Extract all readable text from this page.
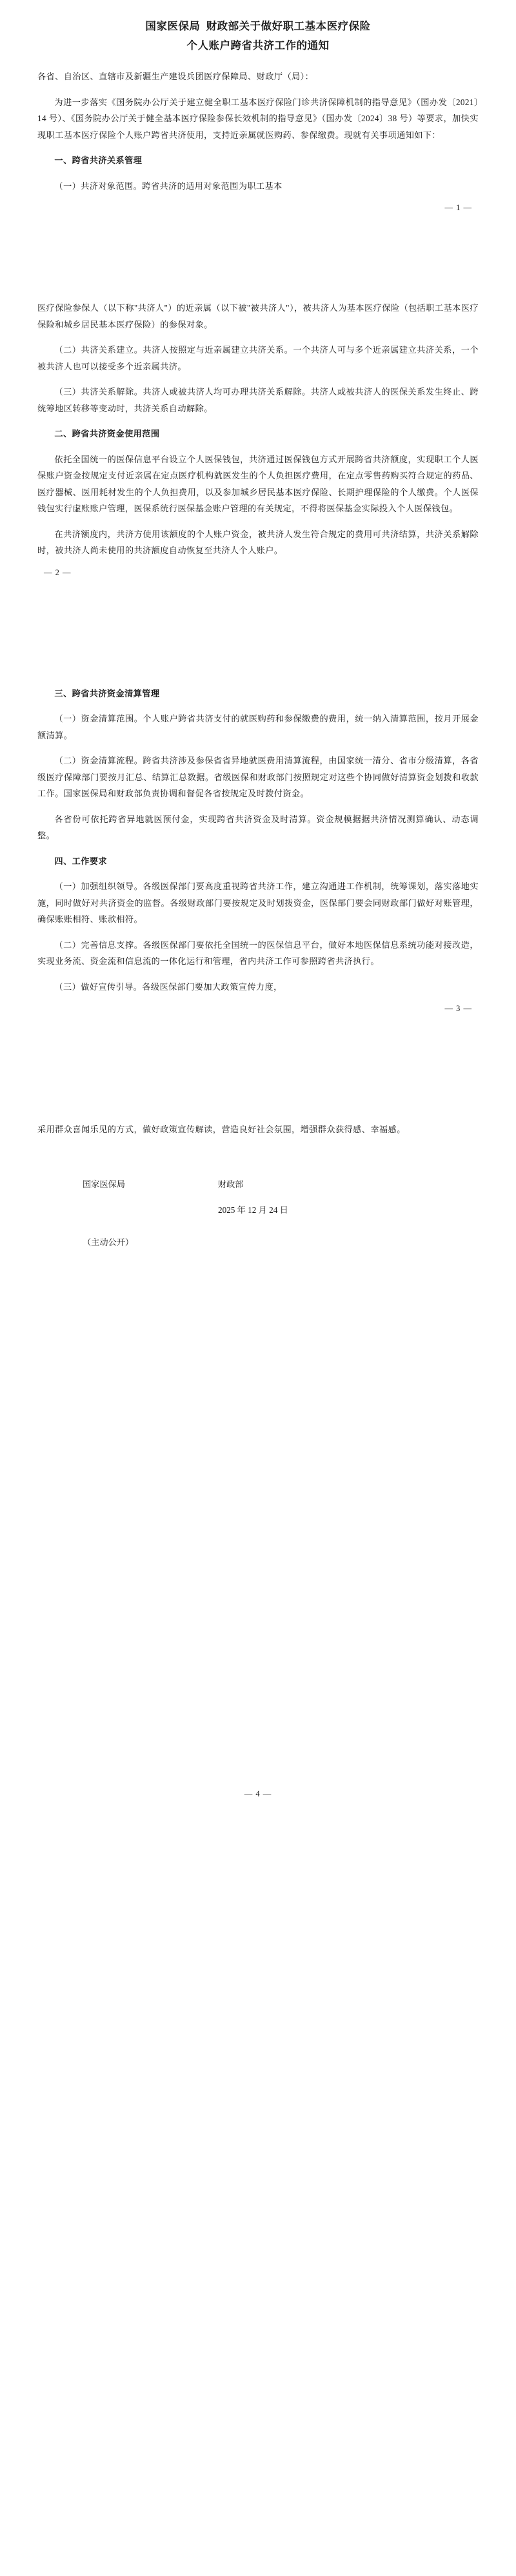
国家医保局  财政部关于做好职工基本医疗保险
个人账户跨省共济工作的通知

各省、自治区、直辖市及新疆生产建设兵团医疗保障局、财政厅（局）：

为进一步落实《国务院办公厅关于建立健全职工基本医疗保险门诊共济保障机制的指导意见》（国办发〔2021〕14 号）、《国务院办公厅关于健全基本医疗保险参保长效机制的指导意见》（国办发〔2024〕38 号）等要求，加快实现职工基本医疗保险个人账户跨省共济使用，支持近亲属就医购药、参保缴费。现就有关事项通知如下：

一、跨省共济关系管理

（一）共济对象范围。跨省共济的适用对象范围为职工基本

— 1 —

医疗保险参保人（以下称"共济人"）的近亲属（以下被"被共济人"），被共济人为基本医疗保险（包括职工基本医疗保险和城乡居民基本医疗保险）的参保对象。

（二）共济关系建立。共济人按照定与近亲属建立共济关系。一个共济人可与多个近亲属建立共济关系，一个被共济人也可以接受多个近亲属共济。

（三）共济关系解除。共济人或被共济人均可办理共济关系解除。共济人或被共济人的医保关系发生终止、跨统筹地区转移等变动时，共济关系自动解除。

二、跨省共济资金使用范围

依托全国统一的医保信息平台设立个人医保钱包，共济通过医保钱包方式开展跨省共济额度，实现职工个人医保账户资金按规定支付近亲属在定点医疗机构就医发生的个人负担医疗费用，在定点零售药购买符合规定的药品、医疗器械、医用耗材发生的个人负担费用，以及参加城乡居民基本医疗保险、长期护理保险的个人缴费。个人医保钱包实行虚账账户管理，医保系统行医保基金账户管理的有关规定，不得将医保基金实际投入个人医保钱包。

在共济额度内，共济方使用该额度的个人账户资金，被共济人发生符合规定的费用可共济结算，共济关系解除时，被共济人尚未使用的共济额度自动恢复至共济人个人账户。

— 2 —

三、跨省共济资金清算管理

（一）资金清算范围。个人账户跨省共济支付的就医购药和参保缴费的费用，统一纳入清算范围，按月开展金额清算。

（二）资金清算流程。跨省共济涉及参保省省异地就医费用清算流程，由国家统一清分、省市分级清算，各省级医疗保障部门要按月汇总、结算汇总数据。省级医保和财政部门按照规定对这些个协同做好清算资金划拨和收款工作。国家医保局和财政部负责协调和督促各省按规定及时拨付资金。

各省份可依托跨省异地就医预付金，实现跨省共济资金及时清算。资金规模据据共济情况测算确认、动态调整。

四、工作要求

（一）加强组织领导。各级医保部门要高度重视跨省共济工作，建立沟通进工作机制，统筹课划，落实落地实施，同时做好对共济资金的监督。各级财政部门要按规定及时划拨资金，医保部门要会同财政部门做好对账管理，确保账账相符、账款相符。

（二）完善信息支撑。各级医保部门要依托全国统一的医保信息平台，做好本地医保信息系统功能对接改造，实现业务流、资金流和信息流的一体化运行和管理，省内共济工作可参照跨省共济执行。

（三）做好宣传引导。各级医保部门要加大政策宣传力度，

— 3 —

采用群众喜闻乐见的方式，做好政策宣传解读，营造良好社会氛围，增强群众获得感、幸福感。

国家医保局	财政部
2025 年 12 月 24 日
（主动公开）
— 4 —
